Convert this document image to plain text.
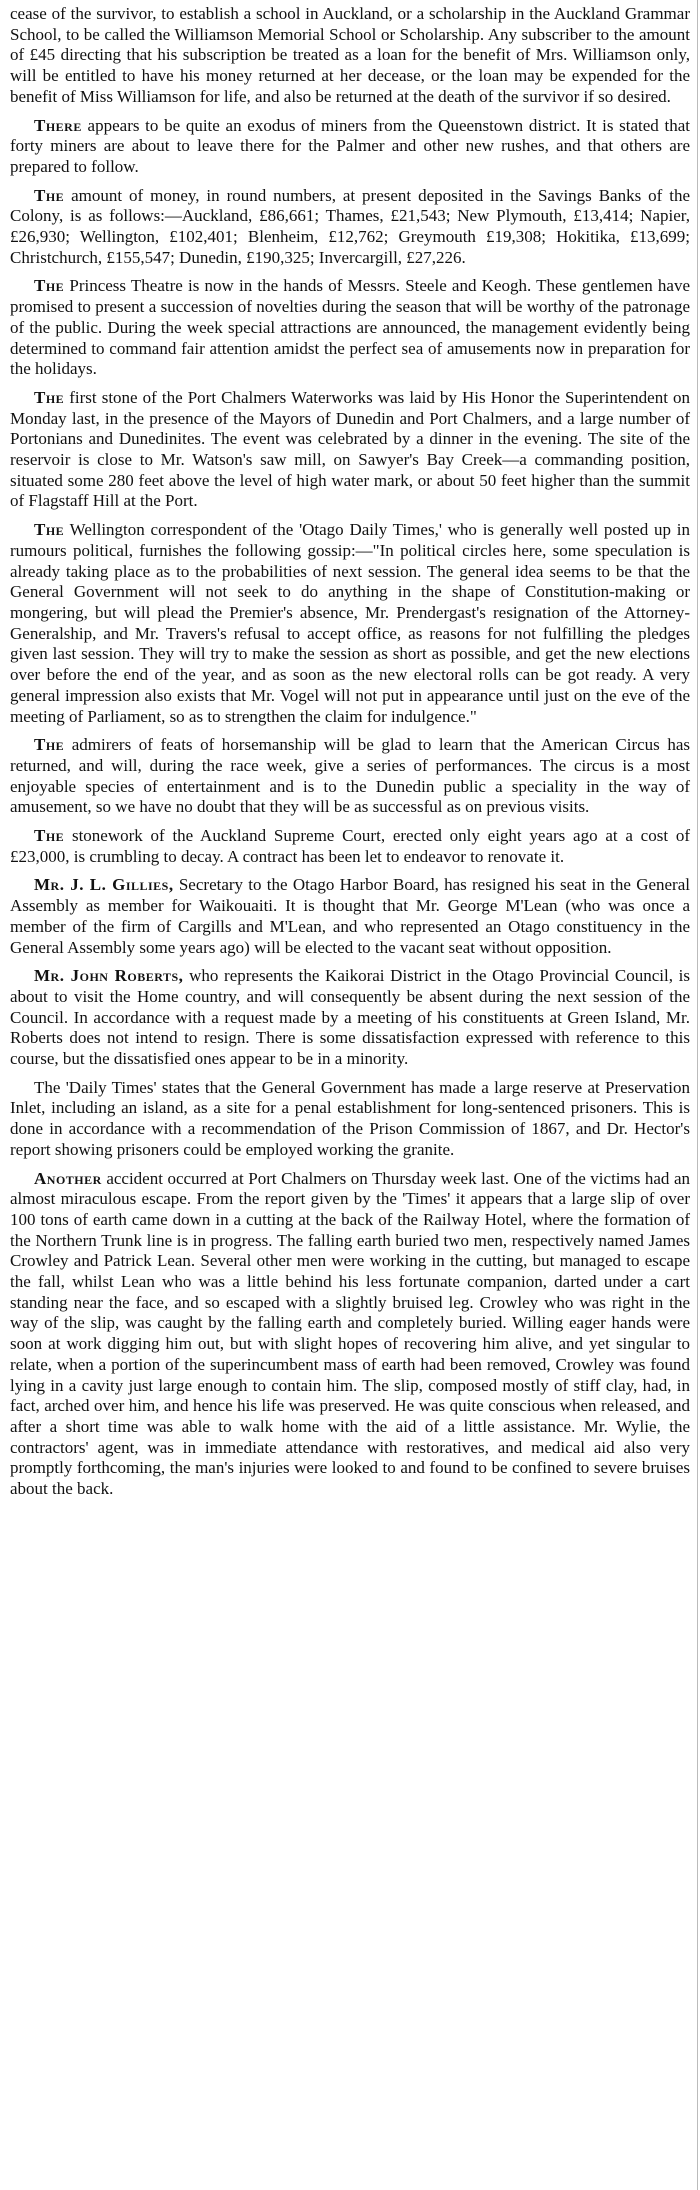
cease of the survivor, to establish a school in Auckland, or a scholarship in the Auckland Grammar School, to be called the Williamson Memorial School or Scholarship. Any subscriber to the amount of £45 directing that his subscription be treated as a loan for the benefit of Mrs. Williamson only, will be entitled to have his money returned at her decease, or the loan may be expended for the benefit of Miss Williamson for life, and also be returned at the death of the survivor if so desired.

There appears to be quite an exodus of miners from the Queenstown district. It is stated that forty miners are about to leave there for the Palmer and other new rushes, and that others are prepared to follow.

The amount of money, in round numbers, at present deposited in the Savings Banks of the Colony, is as follows:—Auckland, £86,661; Thames, £21,543; New Plymouth, £13,414; Napier, £26,930; Wellington, £102,401; Blenheim, £12,762; Greymouth £19,308; Hokitika, £13,699; Christchurch, £155,547; Dunedin, £190,325; Invercargill, £27,226.

The Princess Theatre is now in the hands of Messrs. Steele and Keogh. These gentlemen have promised to present a succession of novelties during the season that will be worthy of the patronage of the public. During the week special attractions are announced, the management evidently being determined to command fair attention amidst the perfect sea of amusements now in preparation for the holidays.

The first stone of the Port Chalmers Waterworks was laid by His Honor the Superintendent on Monday last, in the presence of the Mayors of Dunedin and Port Chalmers, and a large number of Portonians and Dunedinites. The event was celebrated by a dinner in the evening. The site of the reservoir is close to Mr. Watson's saw mill, on Sawyer's Bay Creek—a commanding position, situated some 280 feet above the level of high water mark, or about 50 feet higher than the summit of Flagstaff Hill at the Port.

The Wellington correspondent of the 'Otago Daily Times,' who is generally well posted up in rumours political, furnishes the following gossip:—"In political circles here, some speculation is already taking place as to the probabilities of next session. The general idea seems to be that the General Government will not seek to do anything in the shape of Constitution-making or mongering, but will plead the Premier's absence, Mr. Prendergast's resignation of the Attorney-Generalship, and Mr. Travers's refusal to accept office, as reasons for not fulfilling the pledges given last session. They will try to make the session as short as possible, and get the new elections over before the end of the year, and as soon as the new electoral rolls can be got ready. A very general impression also exists that Mr. Vogel will not put in appearance until just on the eve of the meeting of Parliament, so as to strengthen the claim for indulgence."

The admirers of feats of horsemanship will be glad to learn that the American Circus has returned, and will, during the race week, give a series of performances. The circus is a most enjoyable species of entertainment and is to the Dunedin public a speciality in the way of amusement, so we have no doubt that they will be as successful as on previous visits.

The stonework of the Auckland Supreme Court, erected only eight years ago at a cost of £23,000, is crumbling to decay. A contract has been let to endeavor to renovate it.

Mr. J. L. Gillies, Secretary to the Otago Harbor Board, has resigned his seat in the General Assembly as member for Waikouaiti. It is thought that Mr. George M'Lean (who was once a member of the firm of Cargills and M'Lean, and who represented an Otago constituency in the General Assembly some years ago) will be elected to the vacant seat without opposition.

Mr. John Roberts, who represents the Kaikorai District in the Otago Provincial Council, is about to visit the Home country, and will consequently be absent during the next session of the Council. In accordance with a request made by a meeting of his constituents at Green Island, Mr. Roberts does not intend to resign. There is some dissatisfaction expressed with reference to this course, but the dissatisfied ones appear to be in a minority.

The 'Daily Times' states that the General Government has made a large reserve at Preservation Inlet, including an island, as a site for a penal establishment for long-sentenced prisoners. This is done in accordance with a recommendation of the Prison Commission of 1867, and Dr. Hector's report showing prisoners could be employed working the granite.

Another accident occurred at Port Chalmers on Thursday week last. One of the victims had an almost miraculous escape. From the report given by the 'Times' it appears that a large slip of over 100 tons of earth came down in a cutting at the back of the Railway Hotel, where the formation of the Northern Trunk line is in progress. The falling earth buried two men, respectively named James Crowley and Patrick Lean. Several other men were working in the cutting, but managed to escape the fall, whilst Lean who was a little behind his less fortunate companion, darted under a cart standing near the face, and so escaped with a slightly bruised leg. Crowley who was right in the way of the slip, was caught by the falling earth and completely buried. Willing eager hands were soon at work digging him out, but with slight hopes of recovering him alive, and yet singular to relate, when a portion of the superincumbent mass of earth had been removed, Crowley was found lying in a cavity just large enough to contain him. The slip, composed mostly of stiff clay, had, in fact, arched over him, and hence his life was preserved. He was quite conscious when released, and after a short time was able to walk home with the aid of a little assistance. Mr. Wylie, the contractors' agent, was in immediate attendance with restoratives, and medical aid also very promptly forthcoming, the man's injuries were looked to and found to be confined to severe bruises about the back.
